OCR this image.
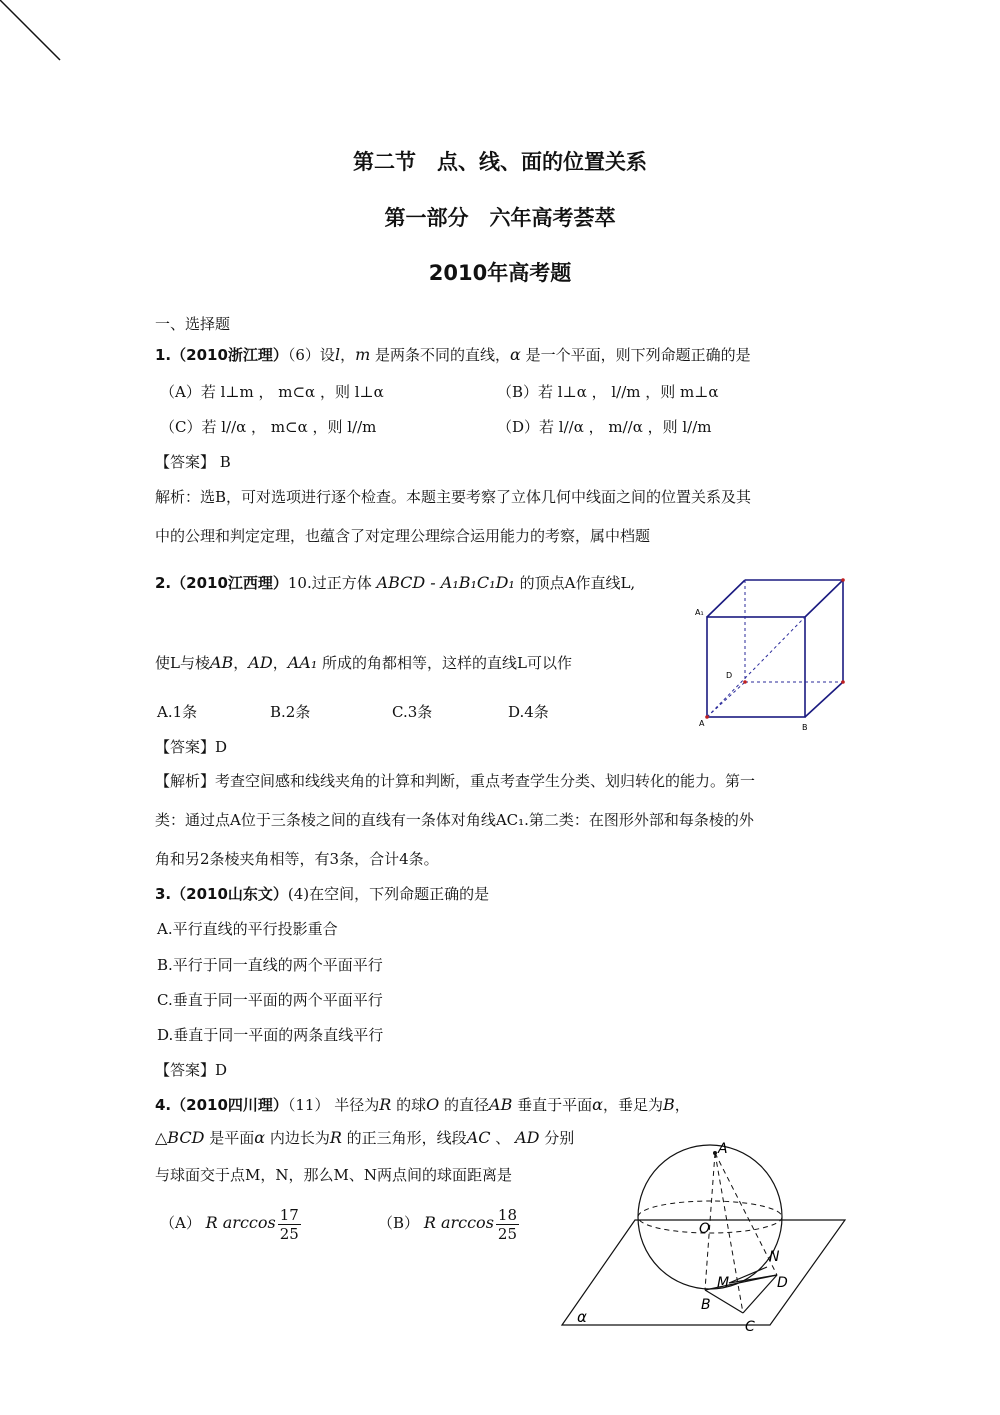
第二节　点、线、面的位置关系
第一部分　六年高考荟萃
2010年高考题
一、选择题
1.（2010浙江理）（6）设l，m 是两条不同的直线，α 是一个平面，则下列命题正确的是
（A）若 l⊥m ， m⊂α ，则 l⊥α	（B）若 l⊥α ， l//m ，则 m⊥α
（C）若 l//α ， m⊂α ，则 l//m	（D）若 l//α ， m//α ，则 l//m
【答案】 B
解析：选B，可对选项进行逐个检查。本题主要考察了立体几何中线面之间的位置关系及其
中的公理和判定定理，也蕴含了对定理公理综合运用能力的考察，属中档题
2.（2010江西理）10.过正方体 ABCD - A₁B₁C₁D₁ 的顶点A作直线L,
使L与棱AB，AD，AA₁ 所成的角都相等，这样的直线L可以作
A.1条	B.2条	C.3条	D.4条
【答案】D
【解析】考查空间感和线线夹角的计算和判断，重点考查学生分类、划归转化的能力。第一
类：通过点A位于三条棱之间的直线有一条体对角线AC₁.第二类：在图形外部和每条棱的外
角和另2条棱夹角相等，有3条，合计4条。
A₁
D
A	B
3.（2010山东文）(4)在空间，下列命题正确的是
A.平行直线的平行投影重合
B.平行于同一直线的两个平面平行
C.垂直于同一平面的两个平面平行
D.垂直于同一平面的两条直线平行
【答案】D
4.（2010四川理）（11） 半径为R 的球O 的直径AB 垂直于平面α，垂足为B，
△BCD 是平面α 内边长为R 的正三角形，线段AC 、 AD 分别
与球面交于点M，N，那么M、N两点间的球面距离是
（A） R $\arccos \frac{17}{25}$	（B） R $\arccos \frac{18}{25}$
A
O
N
M	D
B
C
α
